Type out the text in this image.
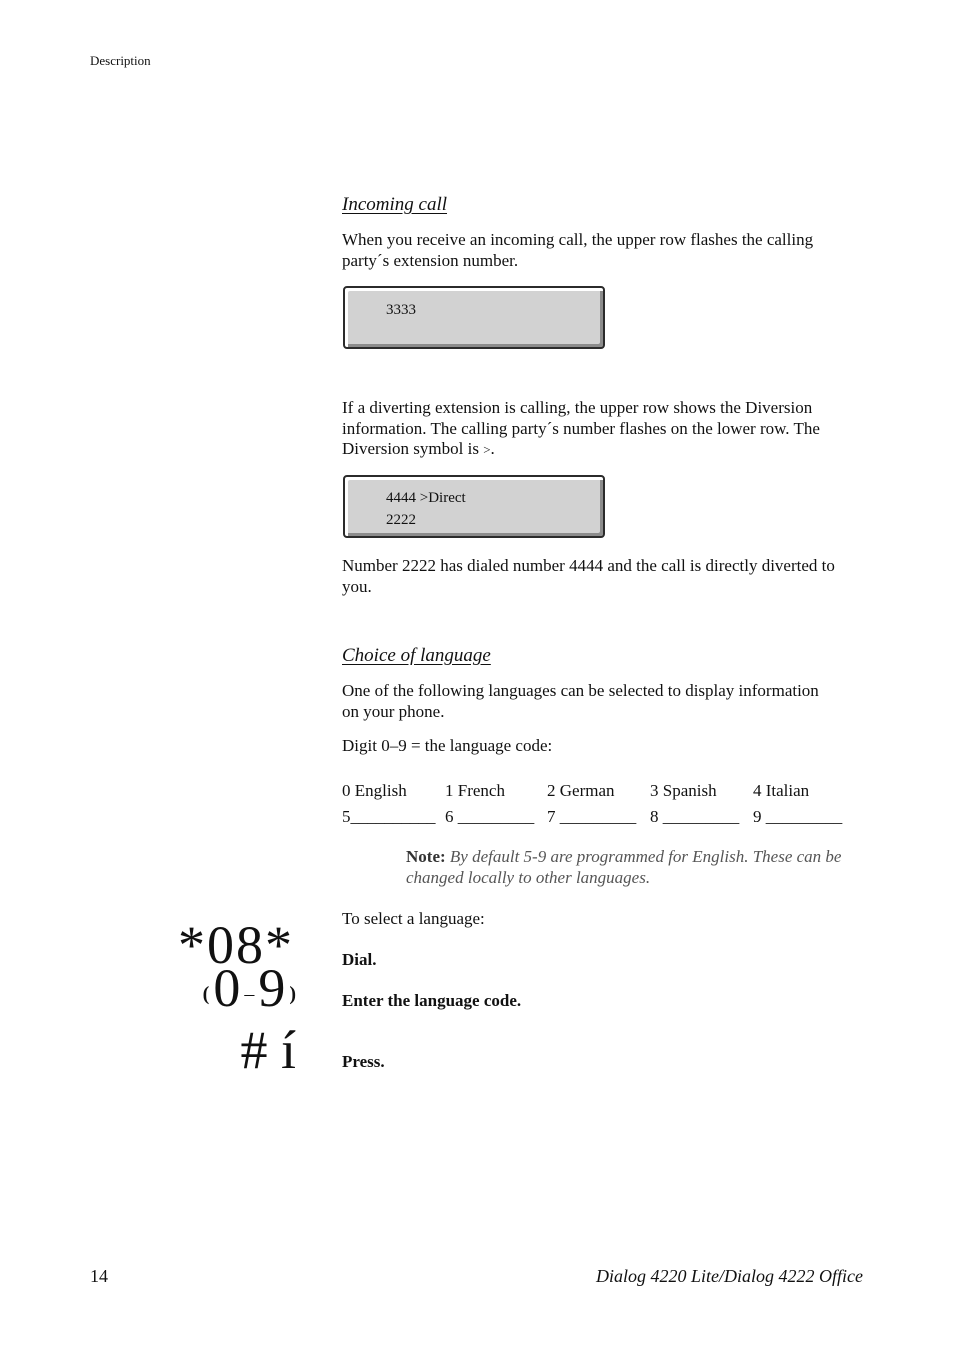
Description
Incoming call
When you receive an incoming call, the upper row flashes the calling
party´s extension number.
3333
If a diverting extension is calling, the upper row shows the Diversion
information. The calling party´s number flashes on the lower row. The
Diversion symbol is >.
4444 >Direct
2222
Number 2222 has dialed number 4444 and the call is directly diverted to
you.
Choice of language
One of the following languages can be selected to display information
on your phone.
Digit 0–9 = the language code:
0 English 1 French 2 German 3 Spanish 4 Italian
5__________ 6 _________ 7 _________ 8 _________ 9 _________
Note: By default 5-9 are programmed for English. These can be
changed locally to other languages.
To select a language:
*08*
( 0 – 9 )
# í
Dial.
Enter the language code.
Press.
14	Dialog 4220 Lite/Dialog 4222 Office
